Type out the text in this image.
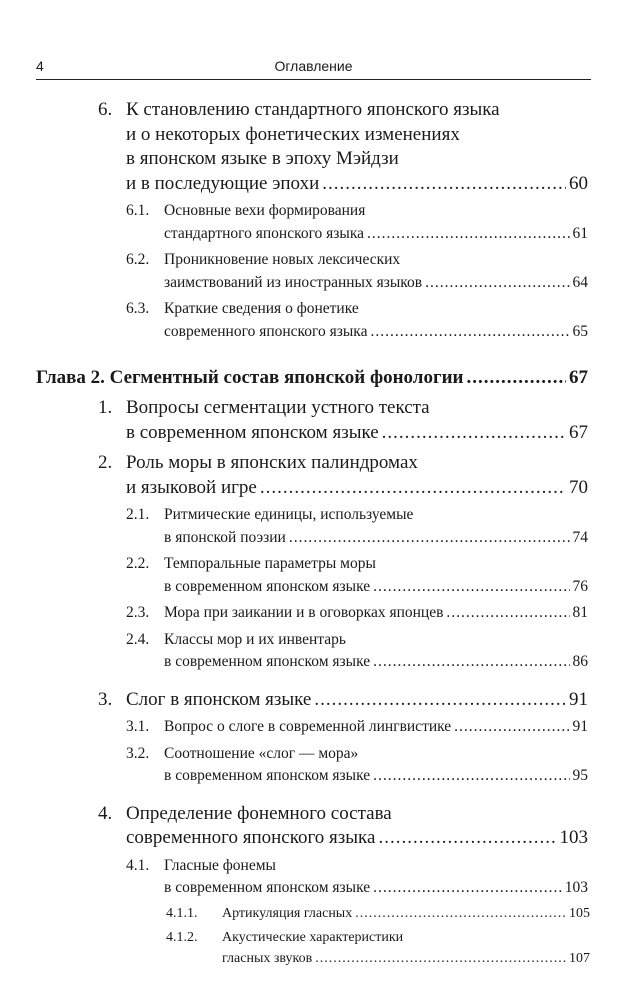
4	Оглавление
6. К становлению стандартного японского языка
и о некоторых фонетических изменениях
в японском языке в эпоху Мэйдзи
и в последующие эпохи .....	60
6.1. Основные вехи формирования
стандартного японского языка .....	61
6.2. Проникновение новых лексических
заимствований из иностранных языков .....	64
6.3. Краткие сведения о фонетике
современного японского языка .....	65
Глава 2. Сегментный состав японской фонологии .....	67
1. Вопросы сегментации устного текста
в современном японском языке .....	67
2. Роль моры в японских палиндромах
и языковой игре .....	70
2.1. Ритмические единицы, используемые
в японской поэзии .....	74
2.2. Темпоральные параметры моры
в современном японском языке .....	76
2.3. Мора при заикании и в оговорках японцев .....	81
2.4. Классы мор и их инвентарь
в современном японском языке .....	86
3. Слог в японском языке .....	91
3.1. Вопрос о слоге в современной лингвистике .....	91
3.2. Соотношение «слог — мора»
в современном японском языке .....	95
4. Определение фонемного состава
современного японского языка .....	103
4.1. Гласные фонемы
в современном японском языке .....	103
4.1.1. Артикуляция гласных .....	105
4.1.2. Акустические характеристики
гласных звуков .....	107
